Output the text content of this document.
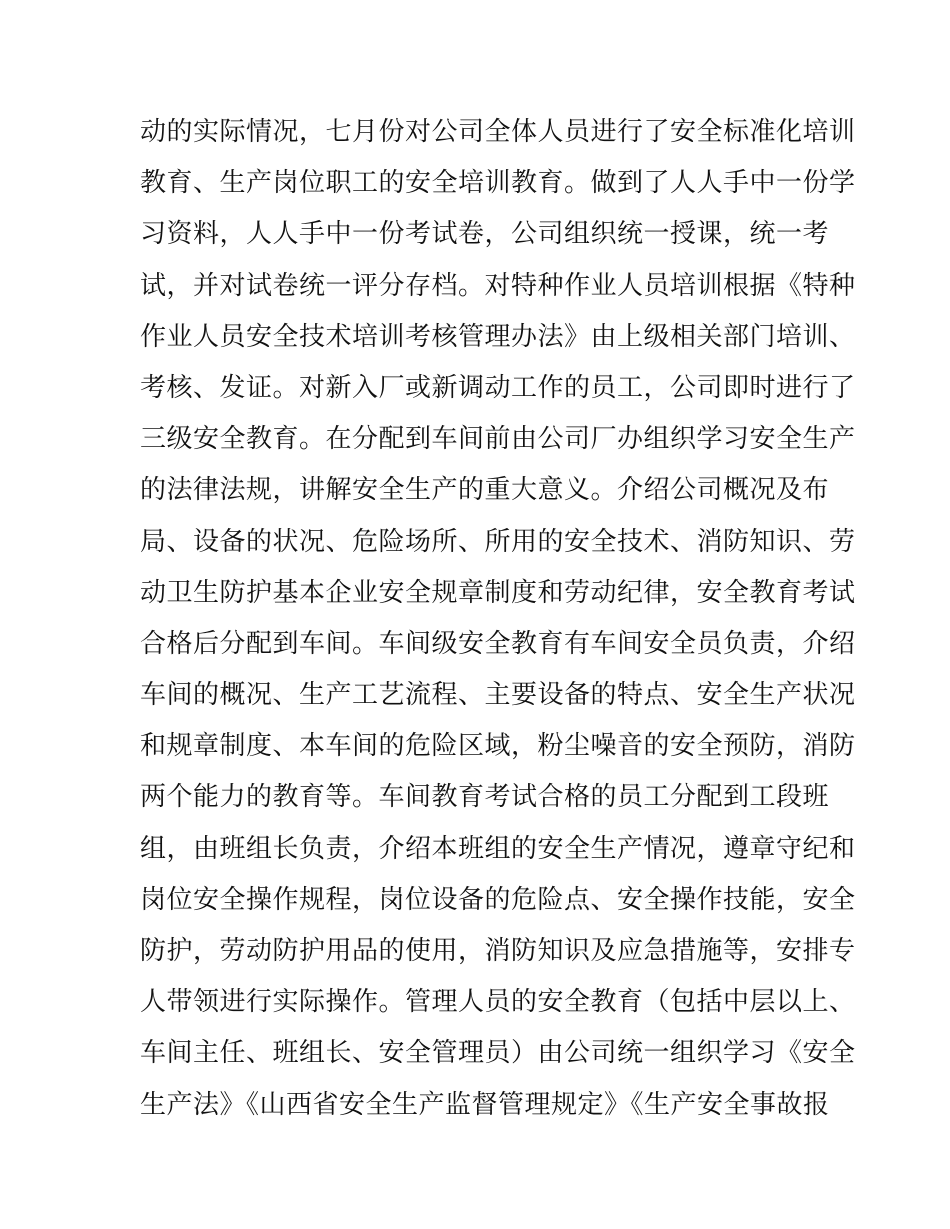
动的实际情况，七月份对公司全体人员进行了安全标准化培训
教育、生产岗位职工的安全培训教育。做到了人人手中一份学
习资料，人人手中一份考试卷，公司组织统一授课，统一考
试，并对试卷统一评分存档。对特种作业人员培训根据《特种
作业人员安全技术培训考核管理办法》由上级相关部门培训、
考核、发证。对新入厂或新调动工作的员工，公司即时进行了
三级安全教育。在分配到车间前由公司厂办组织学习安全生产
的法律法规，讲解安全生产的重大意义。介绍公司概况及布
局、设备的状况、危险场所、所用的安全技术、消防知识、劳
动卫生防护基本企业安全规章制度和劳动纪律，安全教育考试
合格后分配到车间。车间级安全教育有车间安全员负责，介绍
车间的概况、生产工艺流程、主要设备的特点、安全生产状况
和规章制度、本车间的危险区域，粉尘噪音的安全预防，消防
两个能力的教育等。车间教育考试合格的员工分配到工段班
组，由班组长负责，介绍本班组的安全生产情况，遵章守纪和
岗位安全操作规程，岗位设备的危险点、安全操作技能，安全
防护，劳动防护用品的使用，消防知识及应急措施等，安排专
人带领进行实际操作。管理人员的安全教育（包括中层以上、
车间主任、班组长、安全管理员）由公司统一组织学习《安全
生产法》《山西省安全生产监督管理规定》《生产安全事故报
